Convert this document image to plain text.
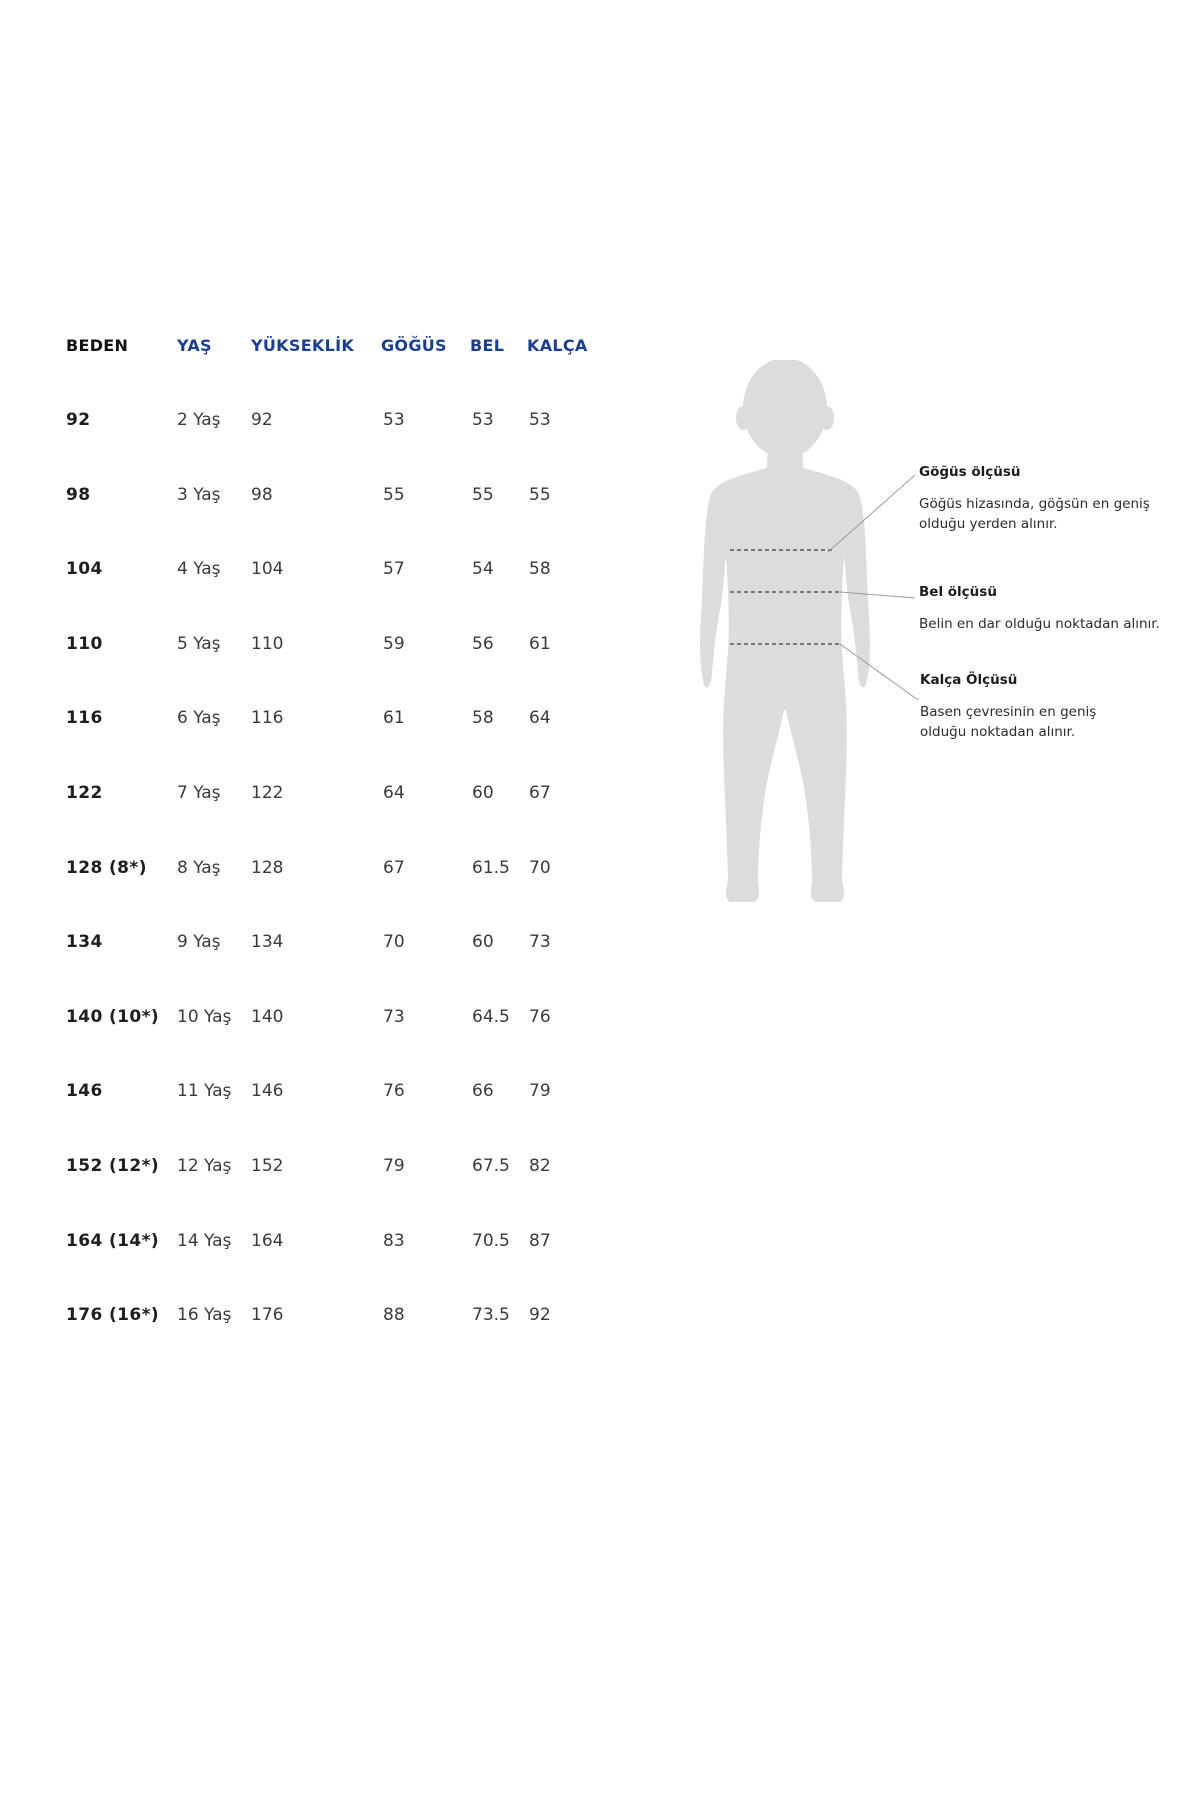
BEDEN	YAŞ YÜKSEKLİK GÖĞÜS BEL KALÇA
92	2 Yaş 92	53	53 53
98	3 Yaş 98	55	55 55
104	4 Yaş 104	57	54 58
110	5 Yaş 110	59	56 61
116	6 Yaş 116	61	58 64
122	7 Yaş 122	64	60 67
128 (8*) 8 Yaş 128	67	61.5 70
134	9 Yaş 134	70	60 73
140 (10*) 10 Yaş 140	73	64.5 76
146	11 Yaş 146	76	66 79
152 (12*) 12 Yaş 152	79	67.5 82
164 (14*) 14 Yaş 164	83	70.5 87
176 (16*) 16 Yaş 176	88	73.5 92
Göğüs ölçüsü
Göğüs hizasında, göğsün en geniş
olduğu yerden alınır.
Bel ölçüsü
Belin en dar olduğu noktadan alınır.
Kalça Ölçüsü
Basen çevresinin en geniş
olduğu noktadan alınır.
